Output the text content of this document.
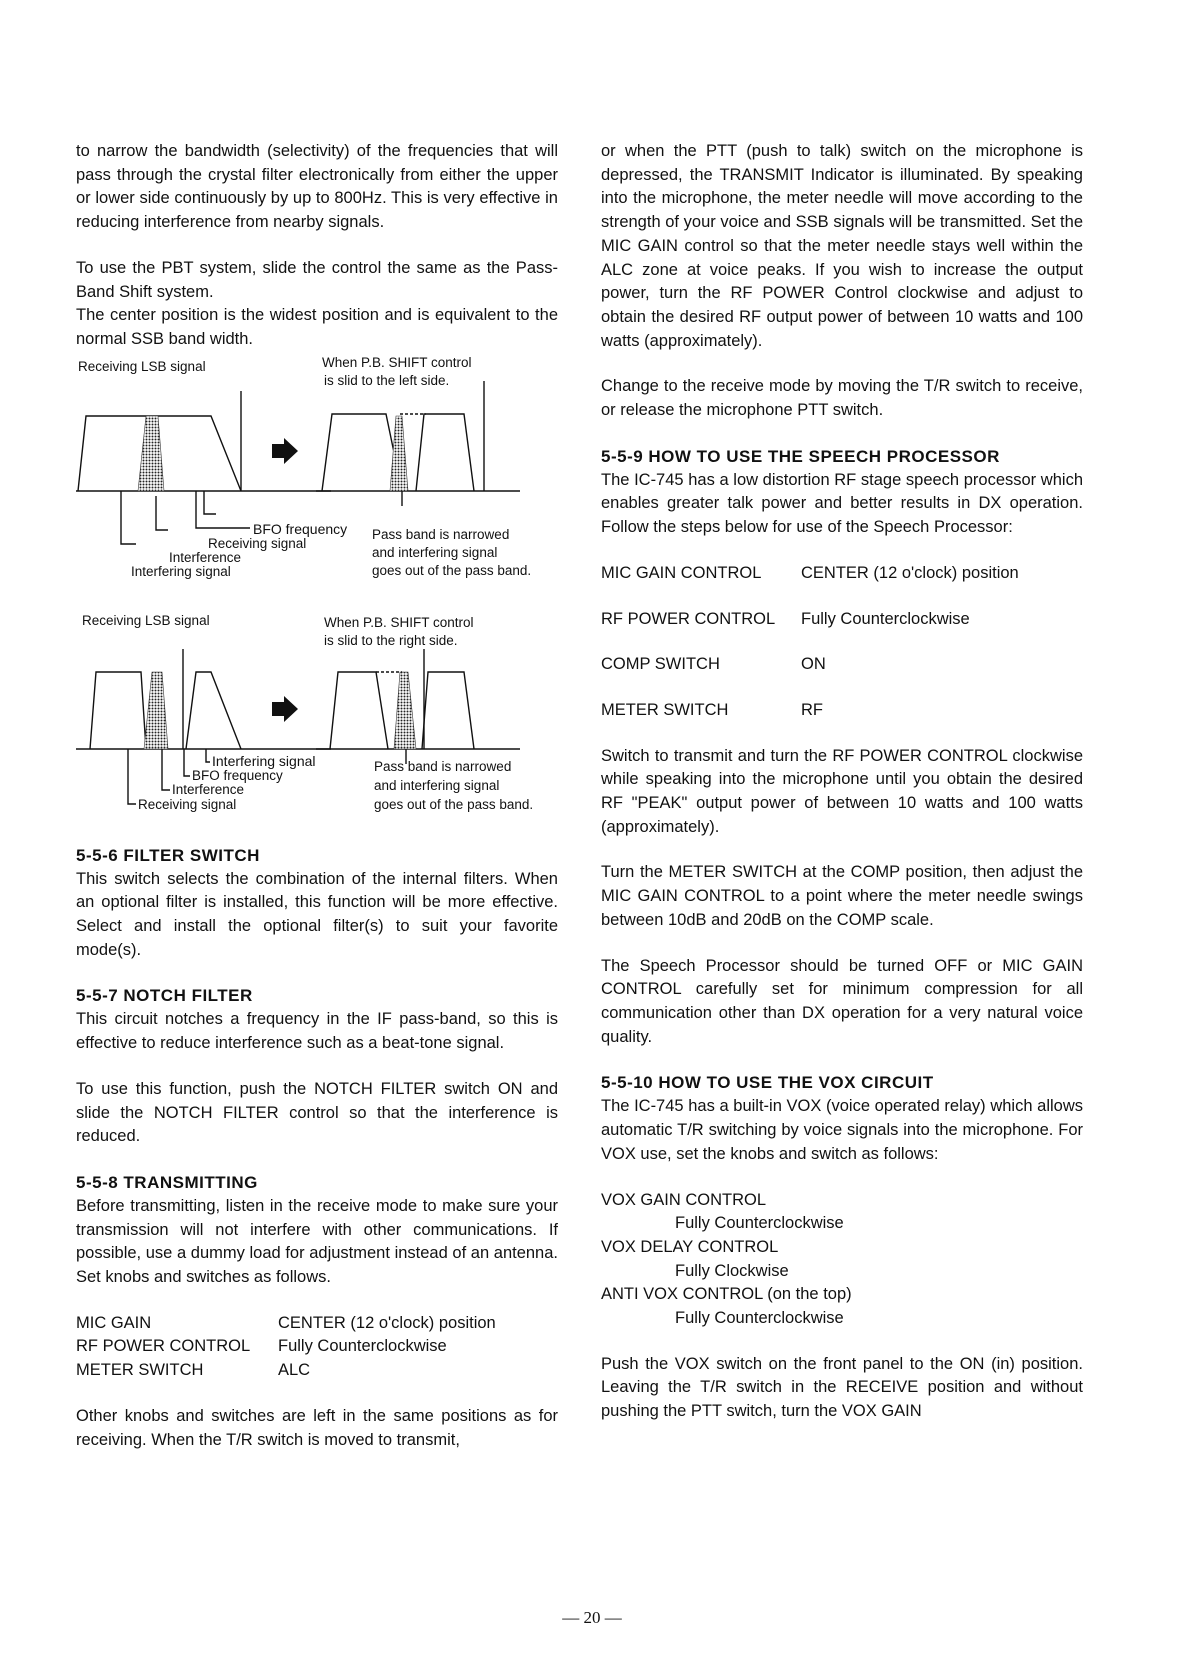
to narrow the bandwidth (selectivity) of the frequencies that will pass through the crystal filter electronically from either the upper or lower side continuously by up to 800Hz. This is very effective in reducing interference from nearby signals.

To use the PBT system, slide the control the same as the Pass-Band Shift system.

The center position is the widest position and is equivalent to the normal SSB band width.

Receiving LSB signal	When P.B. SHIFT control
is slid to the left side.
BFO frequency
Receiving signal
Interference
Interfering signal
Pass band is narrowed
and interfering signal
goes out of the pass band.
Receiving LSB signal	When P.B. SHIFT control
is slid to the right side.
Interfering signal
BFO frequency
Interference
Receiving signal
Pass band is narrowed
and interfering signal
goes out of the pass band.
5-5-6 FILTER SWITCH

This switch selects the combination of the internal filters. When an optional filter is installed, this function will be more effective. Select and install the optional filter(s) to suit your favorite mode(s).

5-5-7 NOTCH FILTER

This circuit notches a frequency in the IF pass-band, so this is effective to reduce interference such as a beat-tone signal.

To use this function, push the NOTCH FILTER switch ON and slide the NOTCH FILTER control so that the interference is reduced.

5-5-8 TRANSMITTING

Before transmitting, listen in the receive mode to make sure your transmission will not interfere with other communications. If possible, use a dummy load for adjustment instead of an antenna. Set knobs and switches as follows.

MIC GAIN	CENTER (12 o'clock) position
RF POWER CONTROL	Fully Counterclockwise
METER SWITCH	ALC

Other knobs and switches are left in the same positions as for receiving. When the T/R switch is moved to transmit,

or when the PTT (push to talk) switch on the microphone is depressed, the TRANSMIT Indicator is illuminated. By speaking into the microphone, the meter needle will move according to the strength of your voice and SSB signals will be transmitted. Set the MIC GAIN control so that the meter needle stays well within the ALC zone at voice peaks. If you wish to increase the output power, turn the RF POWER Control clockwise and adjust to obtain the desired RF output power of between 10 watts and 100 watts (approximately).

Change to the receive mode by moving the T/R switch to receive, or release the microphone PTT switch.

5-5-9 HOW TO USE THE SPEECH PROCESSOR

The IC-745 has a low distortion RF stage speech processor which enables greater talk power and better results in DX operation. Follow the steps below for use of the Speech Processor:

MIC GAIN CONTROL	CENTER (12 o'clock) position
RF POWER CONTROL	Fully Counterclockwise
COMP SWITCH	ON
METER SWITCH	RF

Switch to transmit and turn the RF POWER CONTROL clockwise while speaking into the microphone until you obtain the desired RF "PEAK" output power of between 10 watts and 100 watts (approximately).

Turn the METER SWITCH at the COMP position, then adjust the MIC GAIN CONTROL to a point where the meter needle swings between 10dB and 20dB on the COMP scale.

The Speech Processor should be turned OFF or MIC GAIN CONTROL carefully set for minimum compression for all communication other than DX operation for a very natural voice quality.

5-5-10 HOW TO USE THE VOX CIRCUIT

The IC-745 has a built-in VOX (voice operated relay) which allows automatic T/R switching by voice signals into the microphone. For VOX use, set the knobs and switch as follows:

VOX GAIN CONTROL
Fully Counterclockwise
VOX DELAY CONTROL
Fully Clockwise
ANTI VOX CONTROL (on the top)
Fully Counterclockwise

Push the VOX switch on the front panel to the ON (in) position. Leaving the T/R switch in the RECEIVE position and without pushing the PTT switch, turn the VOX GAIN

— 20 —
